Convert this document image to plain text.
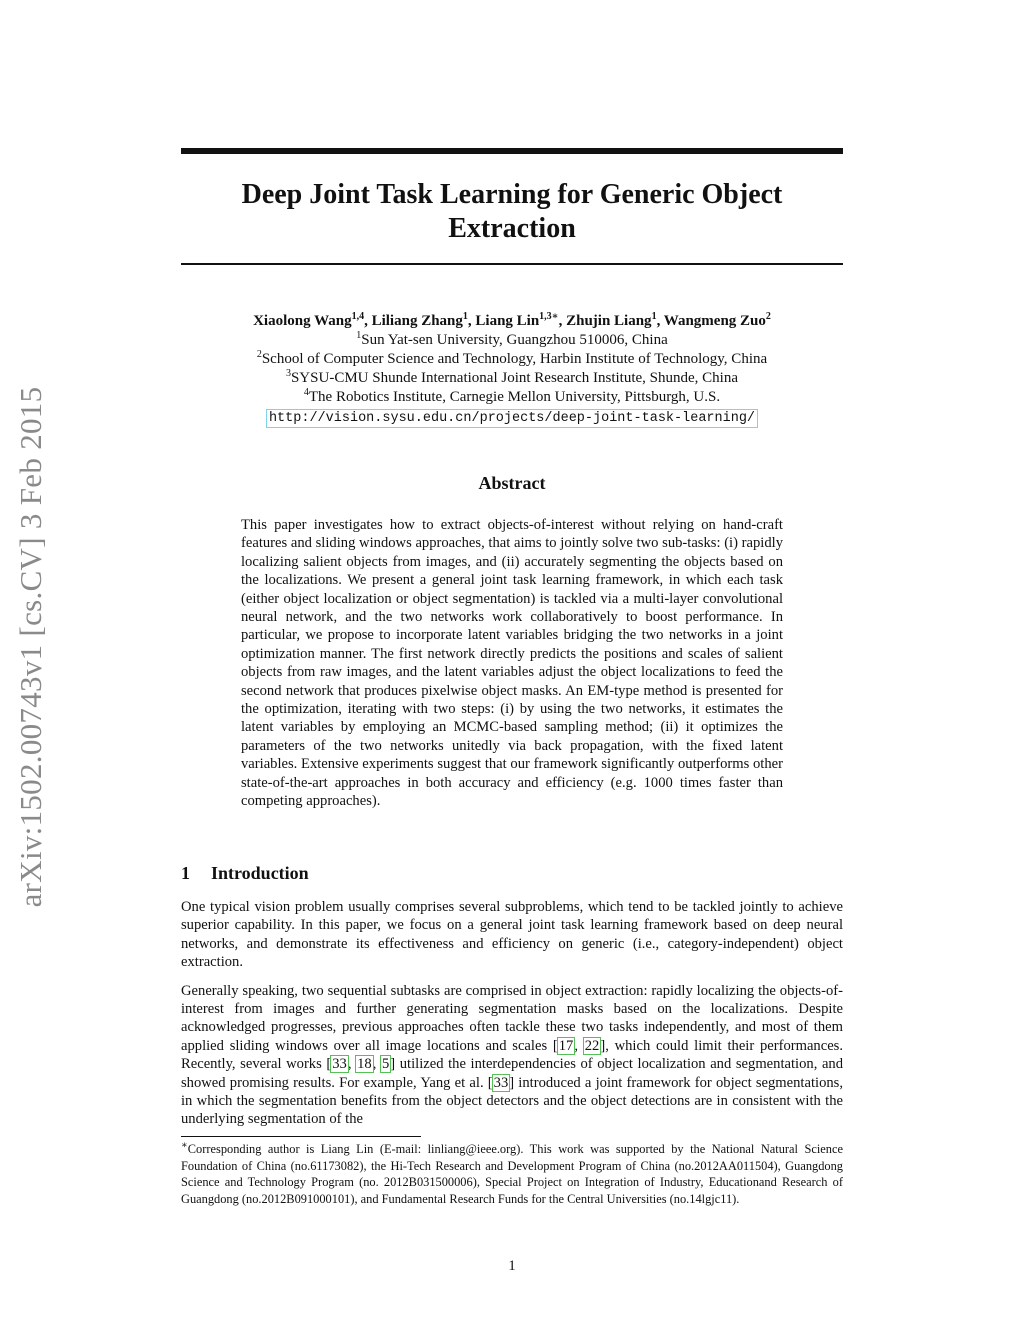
arXiv:1502.00743v1 [cs.CV] 3 Feb 2015
Deep Joint Task Learning for Generic Object Extraction
Xiaolong Wang$^{1,4}$, Liliang Zhang$^1$, Liang Lin$^{1,3∗}$, Zhujin Liang$^1$, Wangmeng Zuo$^2$
$^1$Sun Yat-sen University, Guangzhou 510006, China
$^2$School of Computer Science and Technology, Harbin Institute of Technology, China
$^3$SYSU-CMU Shunde International Joint Research Institute, Shunde, China
$^4$The Robotics Institute, Carnegie Mellon University, Pittsburgh, U.S.
http://vision.sysu.edu.cn/projects/deep-joint-task-learning/
Abstract
This paper investigates how to extract objects-of-interest without relying on hand-craft features and sliding windows approaches, that aims to jointly solve two sub-tasks: (i) rapidly localizing salient objects from images, and (ii) accurately segmenting the objects based on the localizations. We present a general joint task learning framework, in which each task (either object localization or object segmentation) is tackled via a multi-layer convolutional neural network, and the two networks work collaboratively to boost performance. In particular, we propose to incorporate latent variables bridging the two networks in a joint optimization manner. The first network directly predicts the positions and scales of salient objects from raw images, and the latent variables adjust the object localizations to feed the second network that produces pixelwise object masks. An EM-type method is presented for the optimization, iterating with two steps: (i) by using the two networks, it estimates the latent variables by employing an MCMC-based sampling method; (ii) it optimizes the parameters of the two networks unitedly via back propagation, with the fixed latent variables. Extensive experiments suggest that our framework significantly outperforms other state-of-the-art approaches in both accuracy and efficiency (e.g. 1000 times faster than competing approaches).
1 Introduction

One typical vision problem usually comprises several subproblems, which tend to be tackled jointly to achieve superior capability. In this paper, we focus on a general joint task learning framework based on deep neural networks, and demonstrate its effectiveness and efficiency on generic (i.e., category-independent) object extraction.

Generally speaking, two sequential subtasks are comprised in object extraction: rapidly localizing the objects-of-interest from images and further generating segmentation masks based on the localizations. Despite acknowledged progresses, previous approaches often tackle these two tasks independently, and most of them applied sliding windows over all image locations and scales [17, 22], which could limit their performances. Recently, several works [33, 18, 5] utilized the interdependencies of object localization and segmentation, and showed promising results. For example, Yang et al. [33] introduced a joint framework for object segmentations, in which the segmentation benefits from the object detectors and the object detections are in consistent with the underlying segmentation of the

∗Corresponding author is Liang Lin (E-mail: linliang@ieee.org). This work was supported by the National Natural Science Foundation of China (no.61173082), the Hi-Tech Research and Development Program of China (no.2012AA011504), Guangdong Science and Technology Program (no. 2012B031500006), Special Project on Integration of Industry, Educationand Research of Guangdong (no.2012B091000101), and Fundamental Research Funds for the Central Universities (no.14lgjc11).
1
